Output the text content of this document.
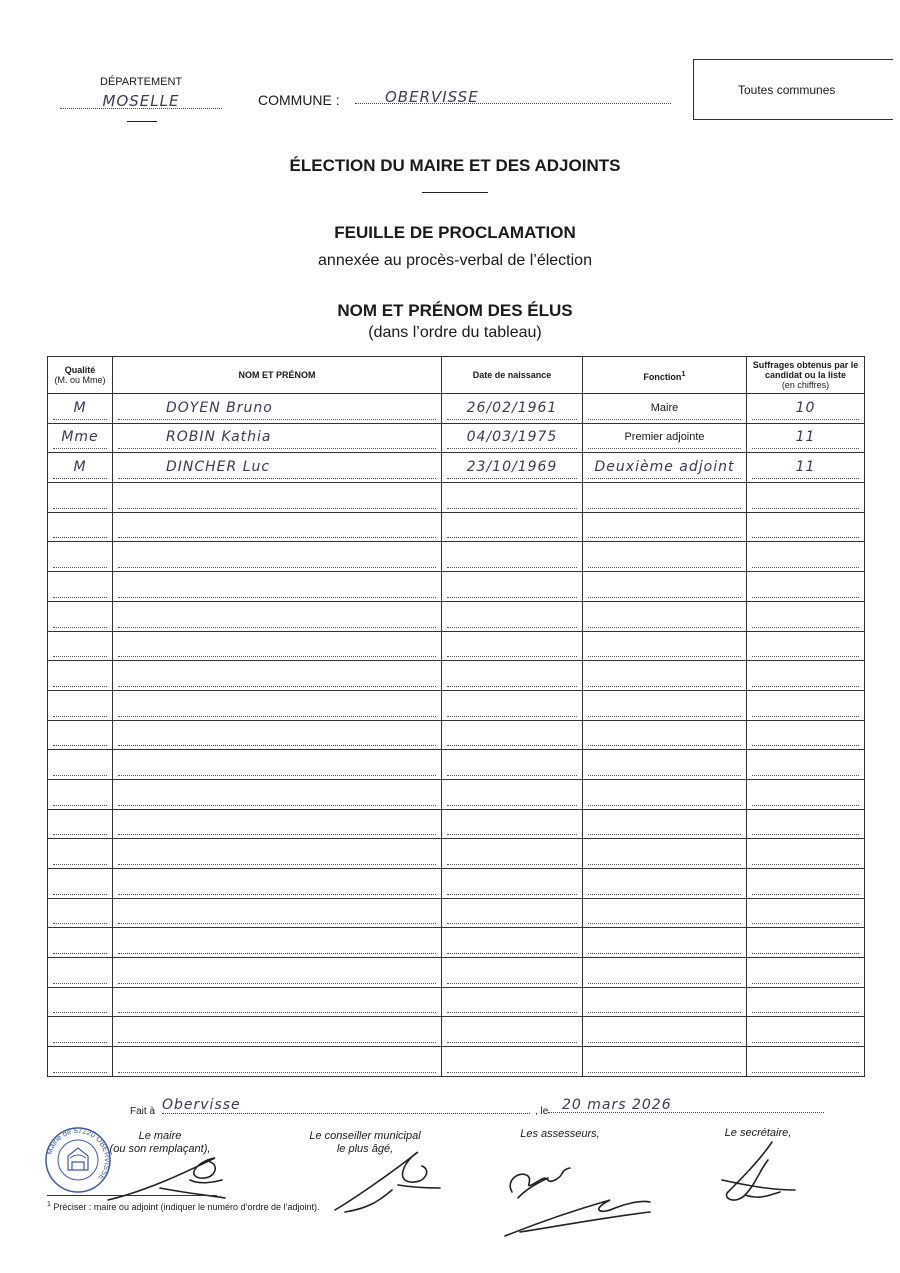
DÉPARTEMENT
MOSELLE	COMMUNE :	OBERVISSE	Toutes communes
ÉLECTION DU MAIRE ET DES ADJOINTS
FEUILLE DE PROCLAMATION
annexée au procès-verbal de l’élection
NOM ET PRÉNOM DES ÉLUS
(dans l’ordre du tableau)
Qualité
(M. ou Mme)	NOM ET PRÉNOM	Date de naissance	Fonction$^1$	Suffrages obtenus par le candidat ou la liste
(en chiffres)

M	DOYEN Bruno	26/02/1961	Maire	10

Mme	ROBIN Kathia	04/03/1975	Premier adjointe	11

M	DINCHER Luc	23/10/1969	Deuxième adjoint	11

Fait à Obervisse	, le 20 mars 2026
Mairie de 57220 OBERVISSE
Le maire
(ou son remplaçant),
Le conseiller municipal
le plus âgé,
Les assesseurs,	Le secrétaire,
$^1$ Préciser : maire ou adjoint (indiquer le numéro d’ordre de l’adjoint).
